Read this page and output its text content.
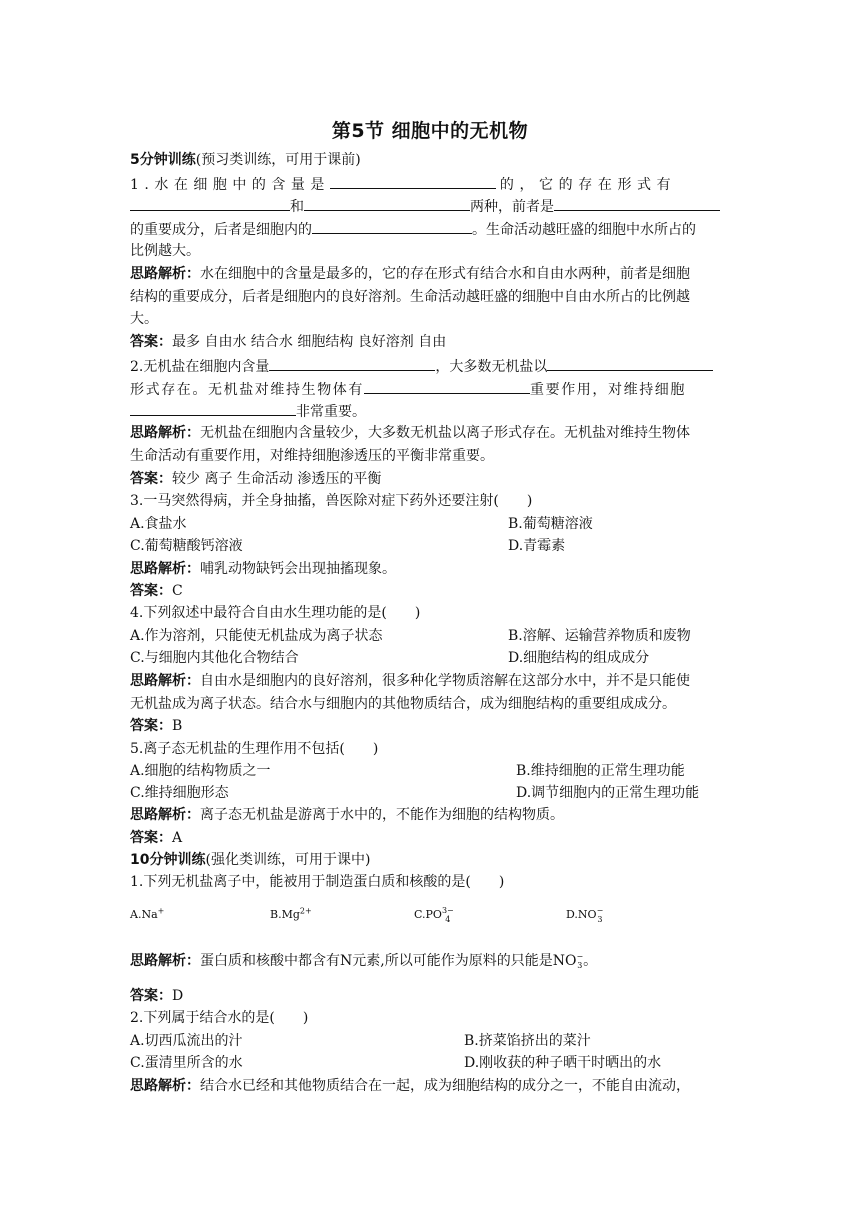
第5节 细胞中的无机物
5分钟训练(预习类训练，可用于课前)
1.水在细胞中的含量是	的，它的存在形式有
和	两种，前者是
的重要成分，后者是细胞内的	。生命活动越旺盛的细胞中水所占的
比例越大。
思路解析：水在细胞中的含量是最多的，它的存在形式有结合水和自由水两种，前者是细胞
结构的重要成分，后者是细胞内的良好溶剂。生命活动越旺盛的细胞中自由水所占的比例越
大。
答案：最多 自由水 结合水 细胞结构 良好溶剂 自由
2.无机盐在细胞内含量	，大多数无机盐以
形式存在。无机盐对维持生物体有	重要作用，对维持细胞
非常重要。
思路解析：无机盐在细胞内含量较少，大多数无机盐以离子形式存在。无机盐对维持生物体
生命活动有重要作用，对维持细胞渗透压的平衡非常重要。
答案：较少 离子 生命活动 渗透压的平衡
3.一马突然得病，并全身抽搐，兽医除对症下药外还要注射(　　)
A.食盐水	B.葡萄糖溶液
C.葡萄糖酸钙溶液	D.青霉素
思路解析：哺乳动物缺钙会出现抽搐现象。
答案：C
4.下列叙述中最符合自由水生理功能的是(　　)
A.作为溶剂，只能使无机盐成为离子状态	B.溶解、运输营养物质和废物
C.与细胞内其他化合物结合	D.细胞结构的组成成分
思路解析：自由水是细胞内的良好溶剂，很多种化学物质溶解在这部分水中，并不是只能使
无机盐成为离子状态。结合水与细胞内的其他物质结合，成为细胞结构的重要组成成分。
答案：B
5.离子态无机盐的生理作用不包括(　　)
A.细胞的结构物质之一	B.维持细胞的正常生理功能
C.维持细胞形态	D.调节细胞内的正常生理功能
思路解析：离子态无机盐是游离于水中的，不能作为细胞的结构物质。
答案：A
10分钟训练(强化类训练，可用于课中)
1.下列无机盐离子中，能被用于制造蛋白质和核酸的是(　　)
A.Na+	$B.Mg^{2+}$	C.PO3−
4	D.NO−
3
思路解析：蛋白质和核酸中都含有N元素,所以可能作为原料的只能是NO−
3。
答案：D
2.下列属于结合水的是(　　)
A.切西瓜流出的汁	B.挤菜馅挤出的菜汁
C.蛋清里所含的水	D.刚收获的种子晒干时晒出的水
思路解析：结合水已经和其他物质结合在一起，成为细胞结构的成分之一，不能自由流动，
